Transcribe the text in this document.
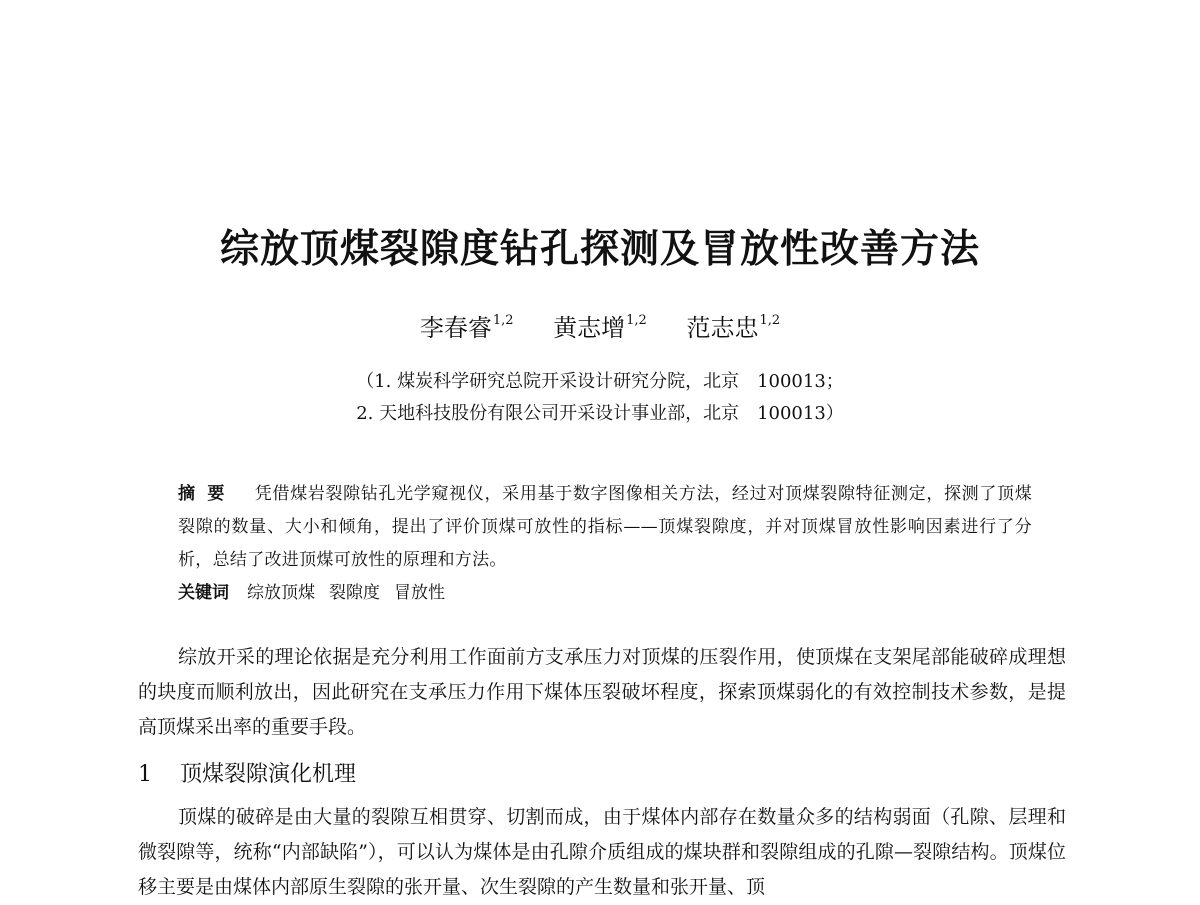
综放顶煤裂隙度钻孔探测及冒放性改善方法
李春睿$^{1,2}$ 黄志增$^{1,2}$ 范志忠$^{1,2}$
（1. 煤炭科学研究总院开采设计研究分院，北京　100013；
2. 天地科技股份有限公司开采设计事业部，北京　100013）
摘要 凭借煤岩裂隙钻孔光学窥视仪，采用基于数字图像相关方法，经过对顶煤裂隙特征测定，探测了顶煤裂隙的数量、大小和倾角，提出了评价顶煤可放性的指标——顶煤裂隙度，并对顶煤冒放性影响因素进行了分析，总结了改进顶煤可放性的原理和方法。
关键词 综放顶煤 裂隙度 冒放性
综放开采的理论依据是充分利用工作面前方支承压力对顶煤的压裂作用，使顶煤在支架尾部能破碎成理想的块度而顺利放出，因此研究在支承压力作用下煤体压裂破坏程度，探索顶煤弱化的有效控制技术参数，是提高顶煤采出率的重要手段。
1 顶煤裂隙演化机理
顶煤的破碎是由大量的裂隙互相贯穿、切割而成，由于煤体内部存在数量众多的结构弱面（孔隙、层理和微裂隙等，统称“内部缺陷”），可以认为煤体是由孔隙介质组成的煤块群和裂隙组成的孔隙—裂隙结构。顶煤位移主要是由煤体内部原生裂隙的张开量、次生裂隙的产生数量和张开量、顶
